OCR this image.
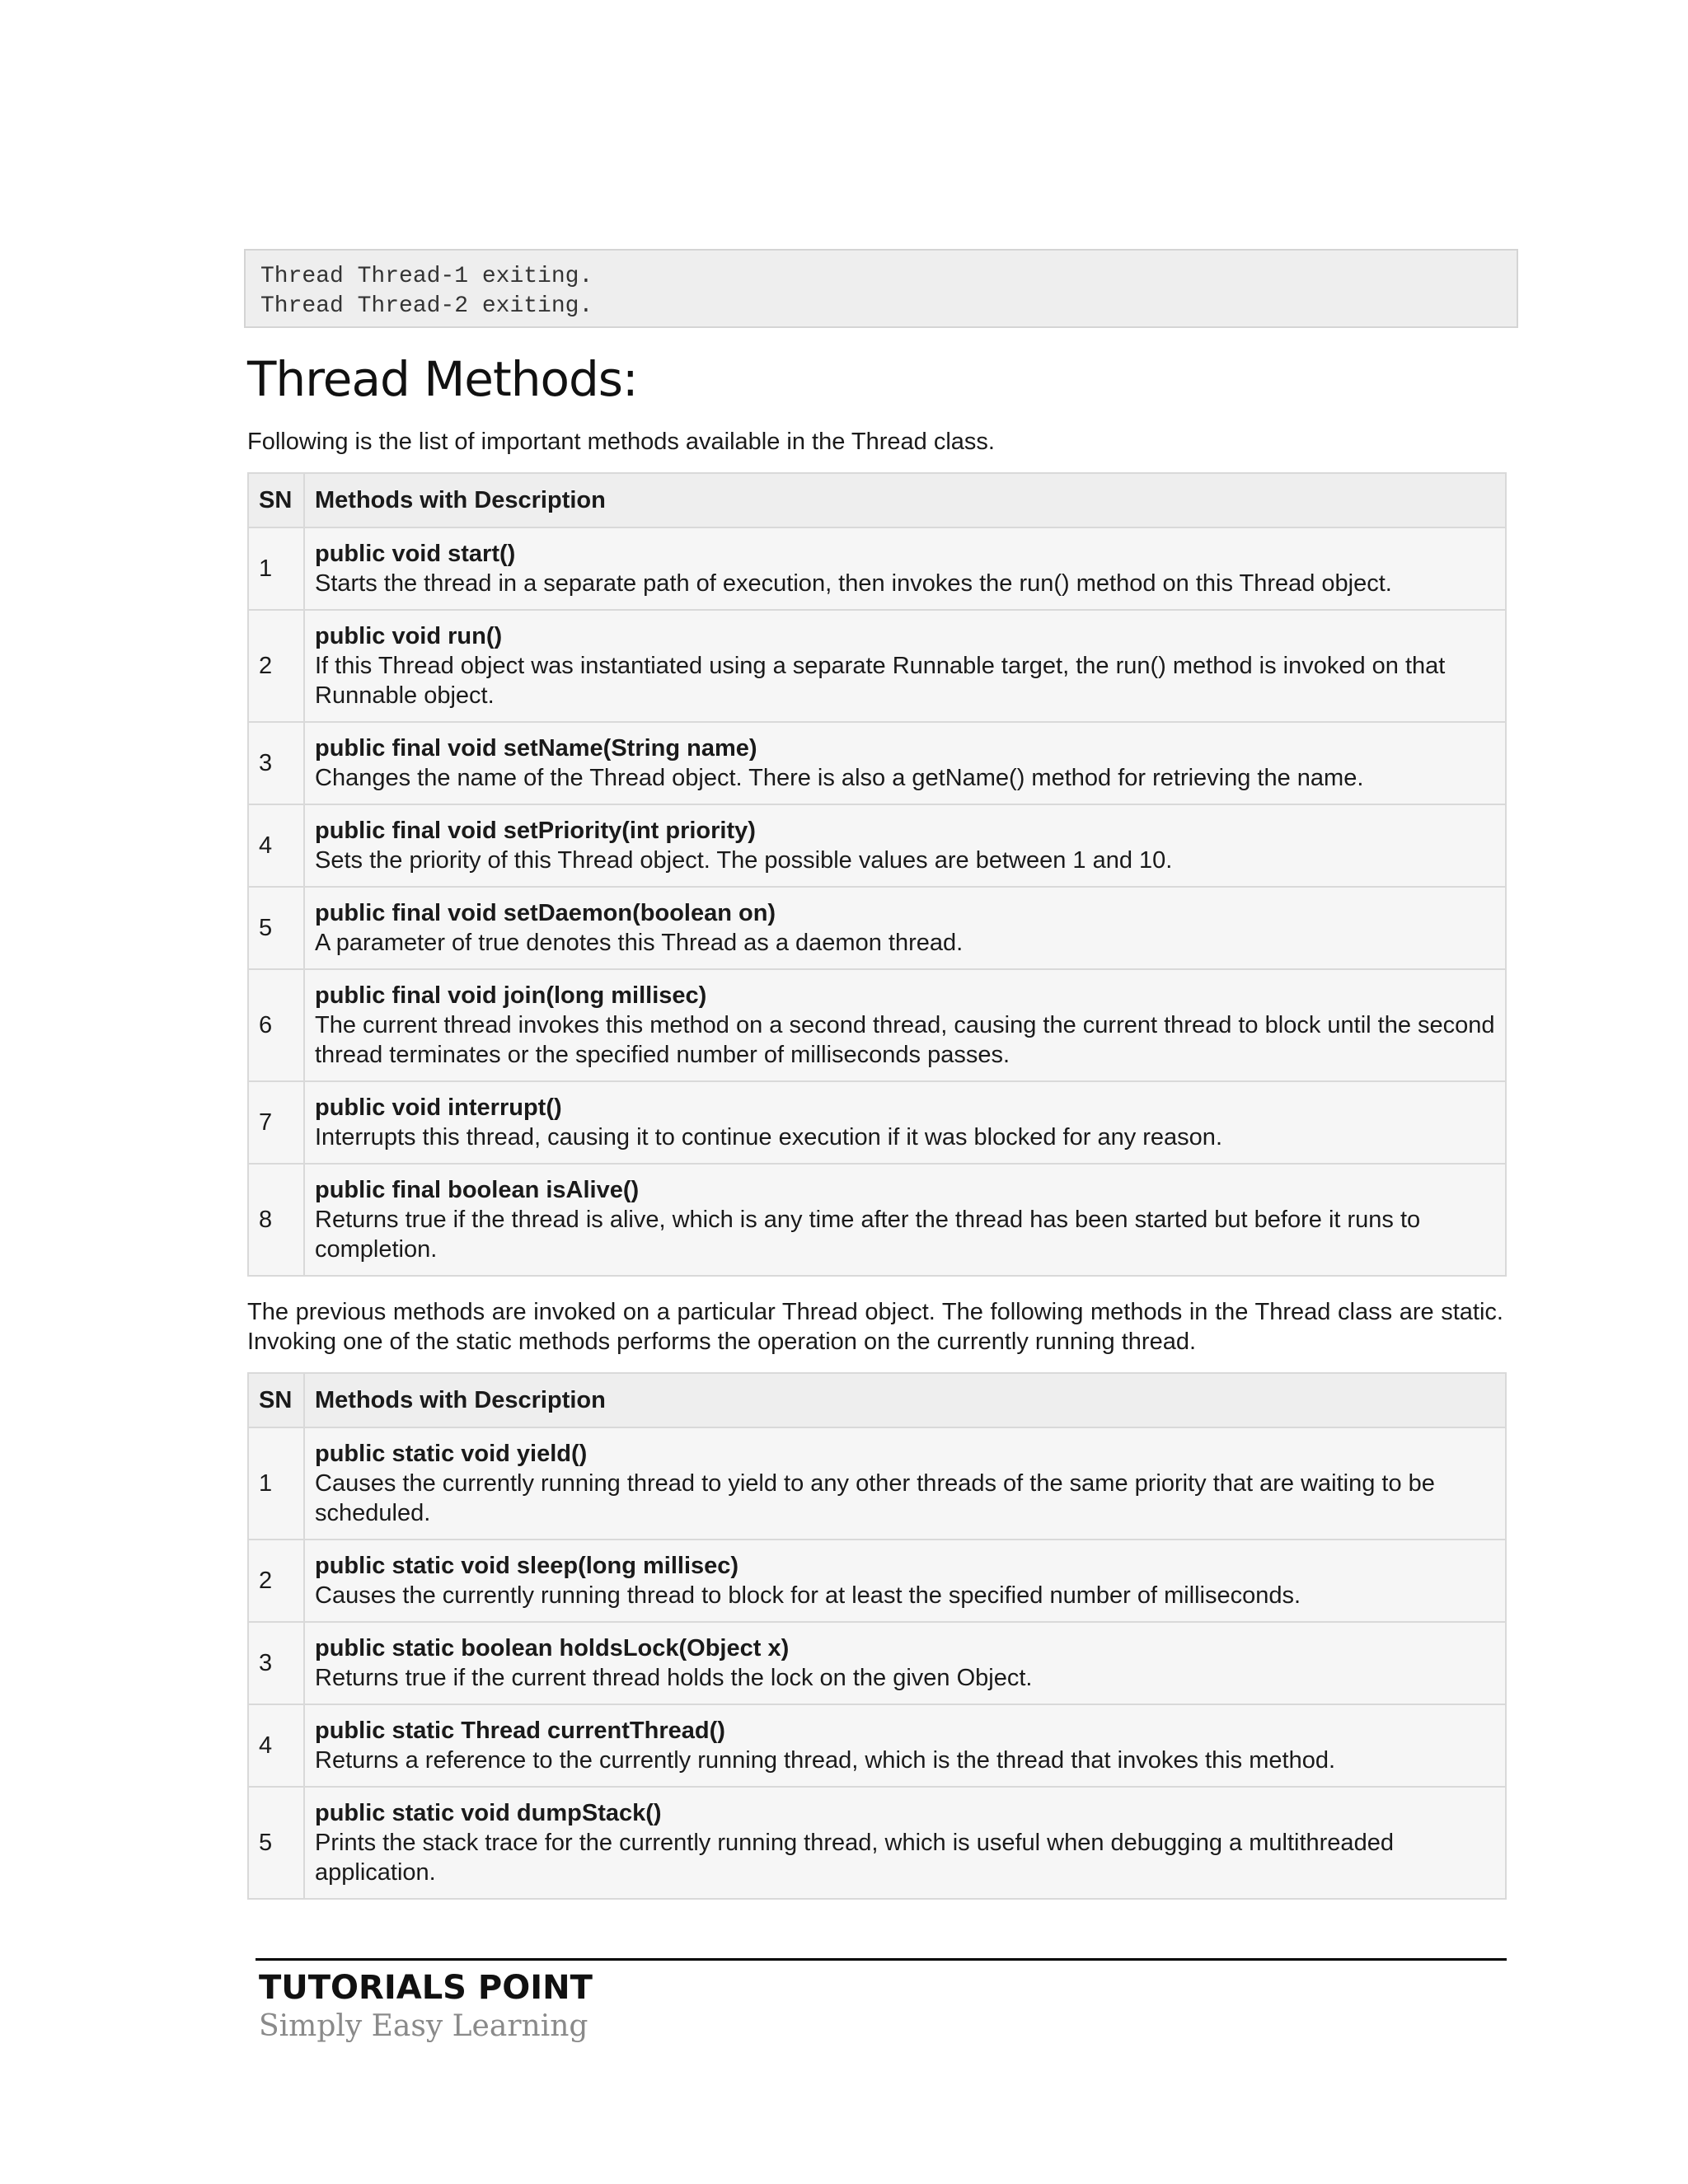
Thread Thread-1 exiting.
Thread Thread-2 exiting.
Thread Methods:

Following is the list of important methods available in the Thread class.

SN	Methods with Description
1	public void start()
Starts the thread in a separate path of execution, then invokes the run() method on this Thread object.

2	public void run()
If this Thread object was instantiated using a separate Runnable target, the run() method is invoked on that Runnable object.

3	public final void setName(String name)
Changes the name of the Thread object. There is also a getName() method for retrieving the name.

4	public final void setPriority(int priority)
Sets the priority of this Thread object. The possible values are between 1 and 10.

5	public final void setDaemon(boolean on)
A parameter of true denotes this Thread as a daemon thread.

6	public final void join(long millisec)
The current thread invokes this method on a second thread, causing the current thread to block until the second thread terminates or the specified number of milliseconds passes.

7	public void interrupt()
Interrupts this thread, causing it to continue execution if it was blocked for any reason.

8	public final boolean isAlive()
Returns true if the thread is alive, which is any time after the thread has been started but before it runs to completion.

The previous methods are invoked on a particular Thread object. The following methods in the Thread class are static. Invoking one of the static methods performs the operation on the currently running thread.

SN	Methods with Description
1	public static void yield()
Causes the currently running thread to yield to any other threads of the same priority that are waiting to be scheduled.

2	public static void sleep(long millisec)
Causes the currently running thread to block for at least the specified number of milliseconds.

3	public static boolean holdsLock(Object x)
Returns true if the current thread holds the lock on the given Object.

4	public static Thread currentThread()
Returns a reference to the currently running thread, which is the thread that invokes this method.

5	public static void dumpStack()
Prints the stack trace for the currently running thread, which is useful when debugging a multithreaded application.
TUTORIALS POINT
Simply Easy Learning
